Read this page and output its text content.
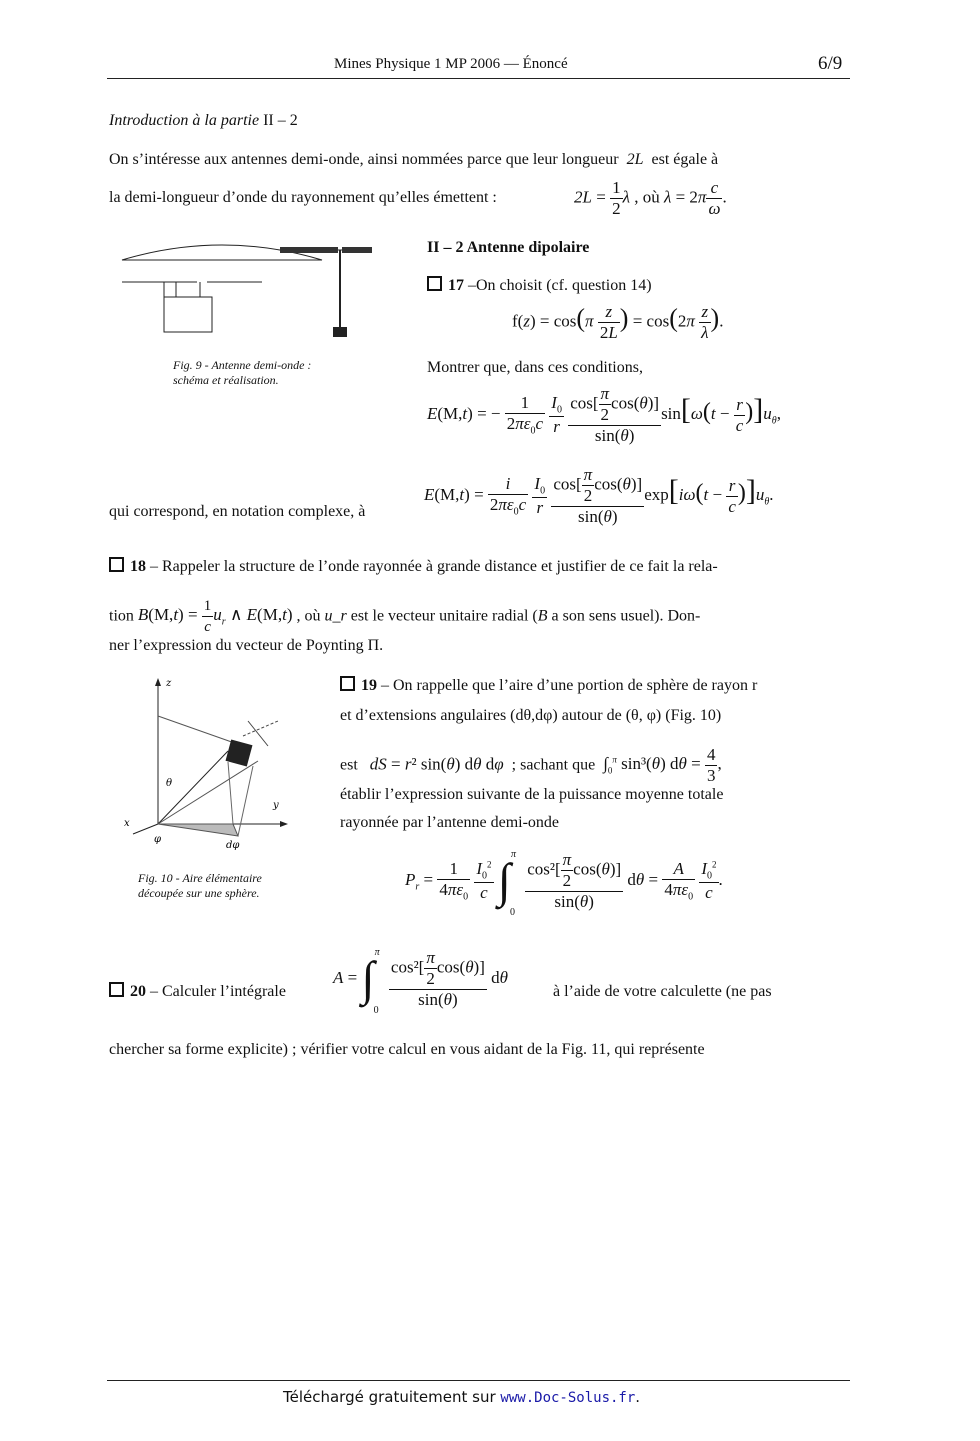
Mines Physique 1 MP 2006 — Énoncé	6/9
Introduction à la partie II – 2
On s’intéresse aux antennes demi-onde, ainsi nommées parce que leur longueur 2L est égale à
la demi-longueur d’onde du rayonnement qu’elles émettent :	$2L = \frac{1}{2}$ λ , où $\lambda = 2\pi \frac{c}{\omega}$ .
Fig. 9 - Antenne demi-onde :
schéma et réalisation.
II – 2 Antenne dipolaire
17 –On choisit (cf. question 14)
$f(z) = \cos(\pi \frac{z}{2L}$ ) = $\cos(2\pi \frac{z}{\lambda}$ ).
Montrer que, dans ces conditions,
E(M,t) = − $\frac{1}{2\pi\varepsilon_0c}$
$\frac{I_0}{r}$
$\frac{\cos[ \frac{\pi}{2} \cos(\theta)]}{\sin(\theta)} \sin[\omega(t - \frac{r}{c} )]u_\theta$,
qui correspond, en notation complexe, à
$E(M,t) = \frac{i}{2\pi\varepsilon_0c}$
$\frac{I_0}{r}$
$\frac{\cos[ \frac{\pi}{2} \cos(\theta)]}{\sin(\theta)} \exp[i\omega(t - \frac{r}{c} )]u_\theta$.
18 – Rappeler la structure de l’onde rayonnée à grande distance et justifier de ce fait la rela-
tion $B(M,t) = \frac{1}{c} u_r$ ∧ E(M,t) , où u_r est le vecteur unitaire radial (B a son sens usuel). Don-
ner l’expression du vecteur de Poynting Π.
z
y
x
θ
φ
dφ
Fig. 10 - Aire élémentaire
découpée sur une sphère.
19 – On rappelle que l’aire d’une portion de sphère de rayon r
et d’extensions angulaires (dθ,dφ) autour de (θ, φ) (Fig. 10)
est dS = r² sin(θ) dθ dφ ; sachant que $\int_0^\pi$ sin³(θ) $d\theta = \frac{4}{3}$ ,
établir l’expression suivante de la puissance moyenne totale
rayonnée par l’antenne demi-onde
$P_r = \frac{1}{4\pi\varepsilon_0}$
$\frac{I_0^2}{c} \int^\pi_0$
$\frac{\cos^2[ \frac{\pi}{2} \cos(\theta)]}{\sin(\theta)}$ $d\theta = \frac{A}{4\pi\varepsilon_0}$
$\frac{I_0^2}{c}$ .
20 – Calculer l’intégrale
A = ∫$^\pi_0$
$\frac{\cos^2[ \frac{\pi}{2} \cos(\theta)]}{\sin(\theta)}$ dθ
à l’aide de votre calculette (ne pas
chercher sa forme explicite) ; vérifier votre calcul en vous aidant de la Fig. 11, qui représente
Téléchargé gratuitement sur www.Doc-Solus.fr.
